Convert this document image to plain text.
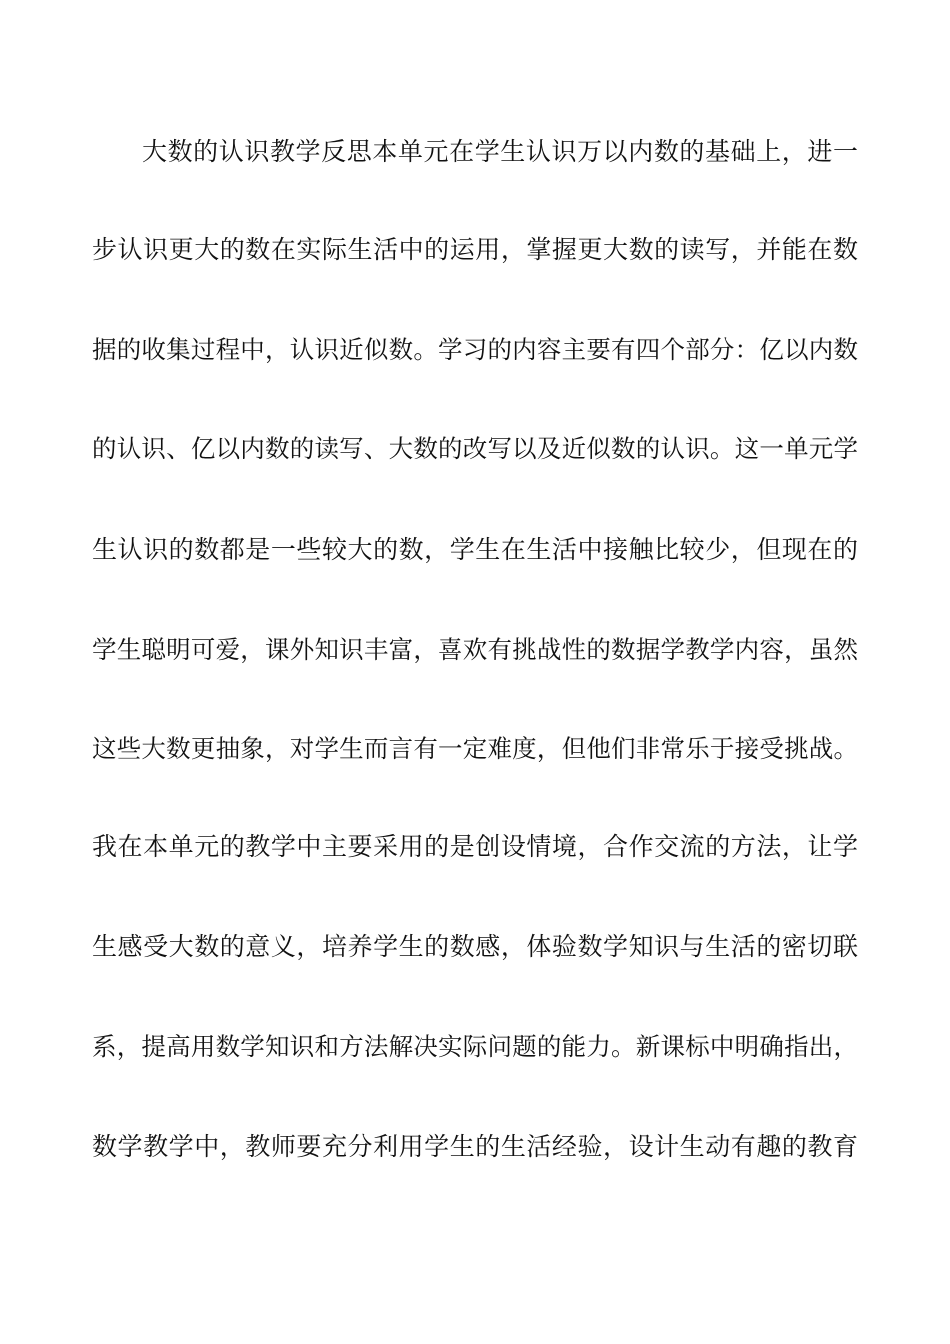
大数的认识教学反思本单元在学生认识万以内数的基础上，进一
步认识更大的数在实际生活中的运用，掌握更大数的读写，并能在数
据的收集过程中，认识近似数。学习的内容主要有四个部分：亿以内数
的认识、亿以内数的读写、大数的改写以及近似数的认识。这一单元学
生认识的数都是一些较大的数，学生在生活中接触比较少，但现在的
学生聪明可爱，课外知识丰富，喜欢有挑战性的数据学教学内容，虽然
这些大数更抽象，对学生而言有一定难度，但他们非常乐于接受挑战。
我在本单元的教学中主要采用的是创设情境，合作交流的方法，让学
生感受大数的意义，培养学生的数感，体验数学知识与生活的密切联
系，提高用数学知识和方法解决实际问题的能力。新课标中明确指出，
数学教学中，教师要充分利用学生的生活经验，设计生动有趣的教育
